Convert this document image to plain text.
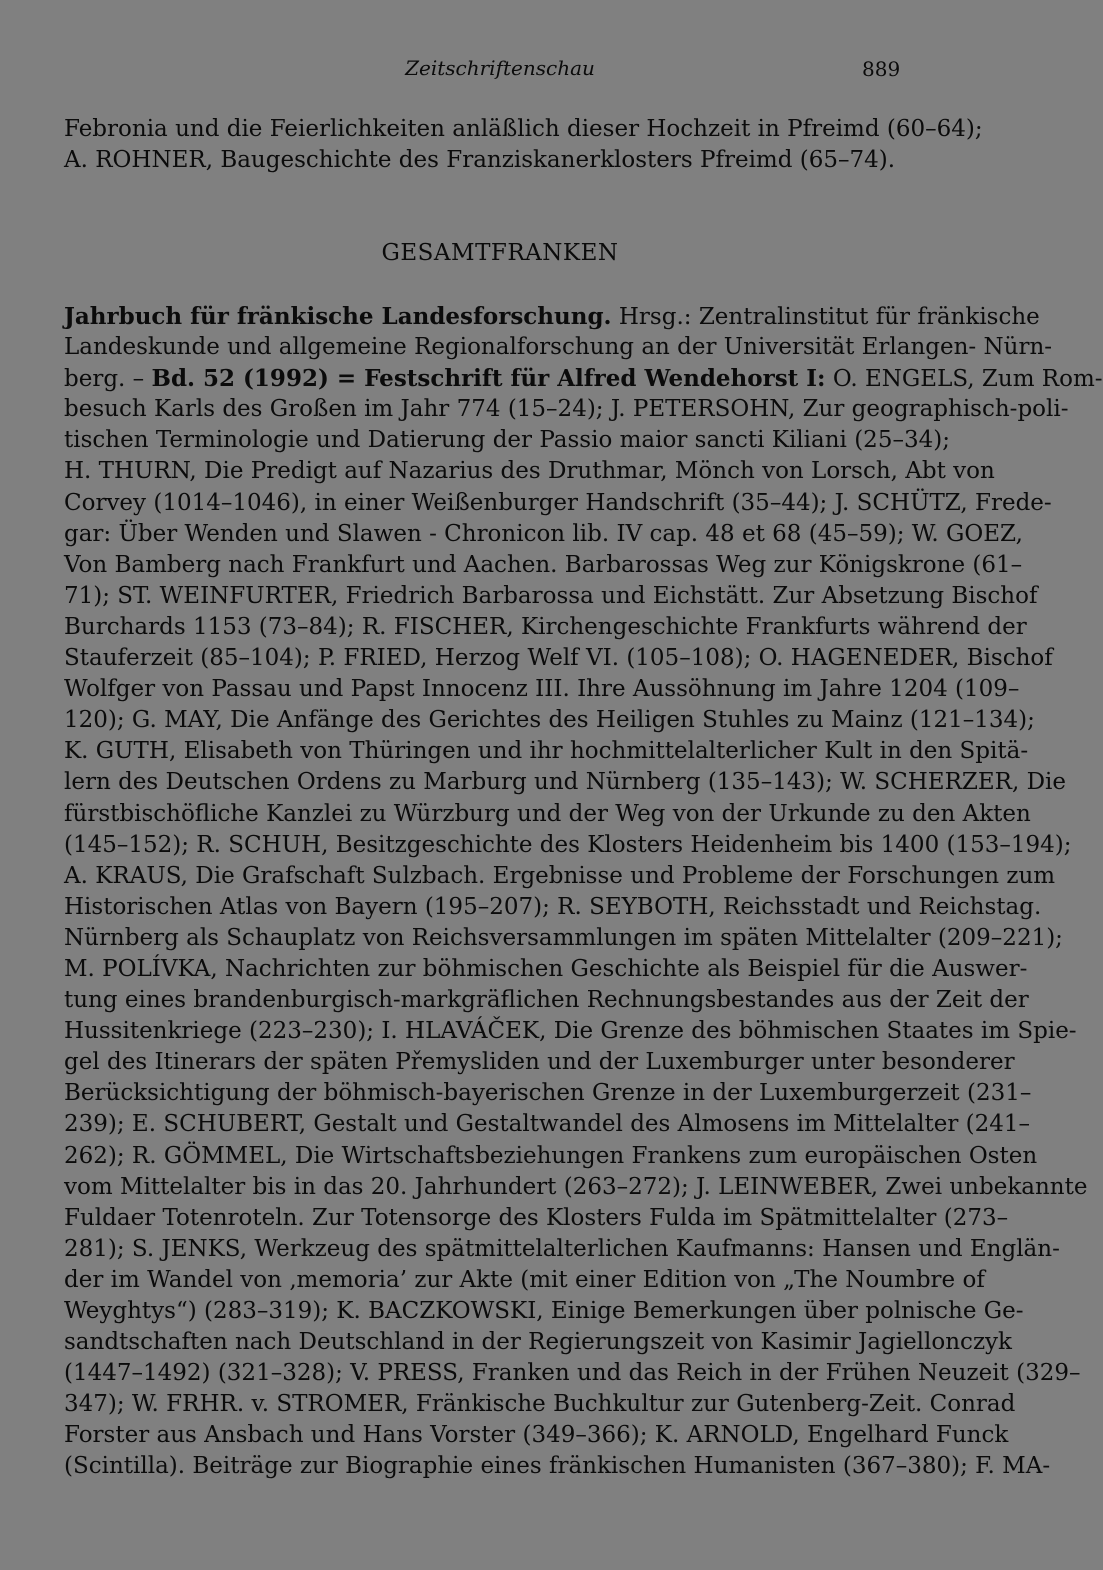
Zeitschriftenschau	889
Febronia und die Feierlichkeiten anläßlich dieser Hochzeit in Pfreimd (60–64);
A. ROHNER, Baugeschichte des Franziskanerklosters Pfreimd (65–74).
GESAMTFRANKEN
Jahrbuch für fränkische Landesforschung. Hrsg.: Zentralinstitut für fränkische
Landeskunde und allgemeine Regionalforschung an der Universität Erlangen- Nürn-
berg. – Bd. 52 (1992) = Festschrift für Alfred Wendehorst I: O. ENGELS, Zum Rom-
besuch Karls des Großen im Jahr 774 (15–24); J. PETERSOHN, Zur geographisch-poli-
tischen Terminologie und Datierung der Passio maior sancti Kiliani (25–34);
H. THURN, Die Predigt auf Nazarius des Druthmar, Mönch von Lorsch, Abt von
Corvey (1014–1046), in einer Weißenburger Handschrift (35–44); J. SCHÜTZ, Frede-
gar: Über Wenden und Slawen - Chronicon lib. IV cap. 48 et 68 (45–59); W. GOEZ,
Von Bamberg nach Frankfurt und Aachen. Barbarossas Weg zur Königskrone (61–
71); ST. WEINFURTER, Friedrich Barbarossa und Eichstätt. Zur Absetzung Bischof
Burchards 1153 (73–84); R. FISCHER, Kirchengeschichte Frankfurts während der
Stauferzeit (85–104); P. FRIED, Herzog Welf VI. (105–108); O. HAGENEDER, Bischof
Wolfger von Passau und Papst Innocenz III. Ihre Aussöhnung im Jahre 1204 (109–
120); G. MAY, Die Anfänge des Gerichtes des Heiligen Stuhles zu Mainz (121–134);
K. GUTH, Elisabeth von Thüringen und ihr hochmittelalterlicher Kult in den Spitä-
lern des Deutschen Ordens zu Marburg und Nürnberg (135–143); W. SCHERZER, Die
fürstbischöfliche Kanzlei zu Würzburg und der Weg von der Urkunde zu den Akten
(145–152); R. SCHUH, Besitzgeschichte des Klosters Heidenheim bis 1400 (153–194);
A. KRAUS, Die Grafschaft Sulzbach. Ergebnisse und Probleme der Forschungen zum
Historischen Atlas von Bayern (195–207); R. SEYBOTH, Reichsstadt und Reichstag.
Nürnberg als Schauplatz von Reichsversammlungen im späten Mittelalter (209–221);
M. POLÍVKA, Nachrichten zur böhmischen Geschichte als Beispiel für die Auswer-
tung eines brandenburgisch-markgräflichen Rechnungsbestandes aus der Zeit der
Hussitenkriege (223–230); I. HLAVÁČEK, Die Grenze des böhmischen Staates im Spie-
gel des Itinerars der späten Přemysliden und der Luxemburger unter besonderer
Berücksichtigung der böhmisch-bayerischen Grenze in der Luxemburgerzeit (231–
239); E. SCHUBERT, Gestalt und Gestaltwandel des Almosens im Mittelalter (241–
262); R. GÖMMEL, Die Wirtschaftsbeziehungen Frankens zum europäischen Osten
vom Mittelalter bis in das 20. Jahrhundert (263–272); J. LEINWEBER, Zwei unbekannte
Fuldaer Totenroteln. Zur Totensorge des Klosters Fulda im Spätmittelalter (273–
281); S. JENKS, Werkzeug des spätmittelalterlichen Kaufmanns: Hansen und Englän-
der im Wandel von ‚memoria’ zur Akte (mit einer Edition von „The Noumbre of
Weyghtys“) (283–319); K. BACZKOWSKI, Einige Bemerkungen über polnische Ge-
sandtschaften nach Deutschland in der Regierungszeit von Kasimir Jagiellonczyk
(1447–1492) (321–328); V. PRESS, Franken und das Reich in der Frühen Neuzeit (329–
347); W. FRHR. v. STROMER, Fränkische Buchkultur zur Gutenberg-Zeit. Conrad
Forster aus Ansbach und Hans Vorster (349–366); K. ARNOLD, Engelhard Funck
(Scintilla). Beiträge zur Biographie eines fränkischen Humanisten (367–380); F. MA-
